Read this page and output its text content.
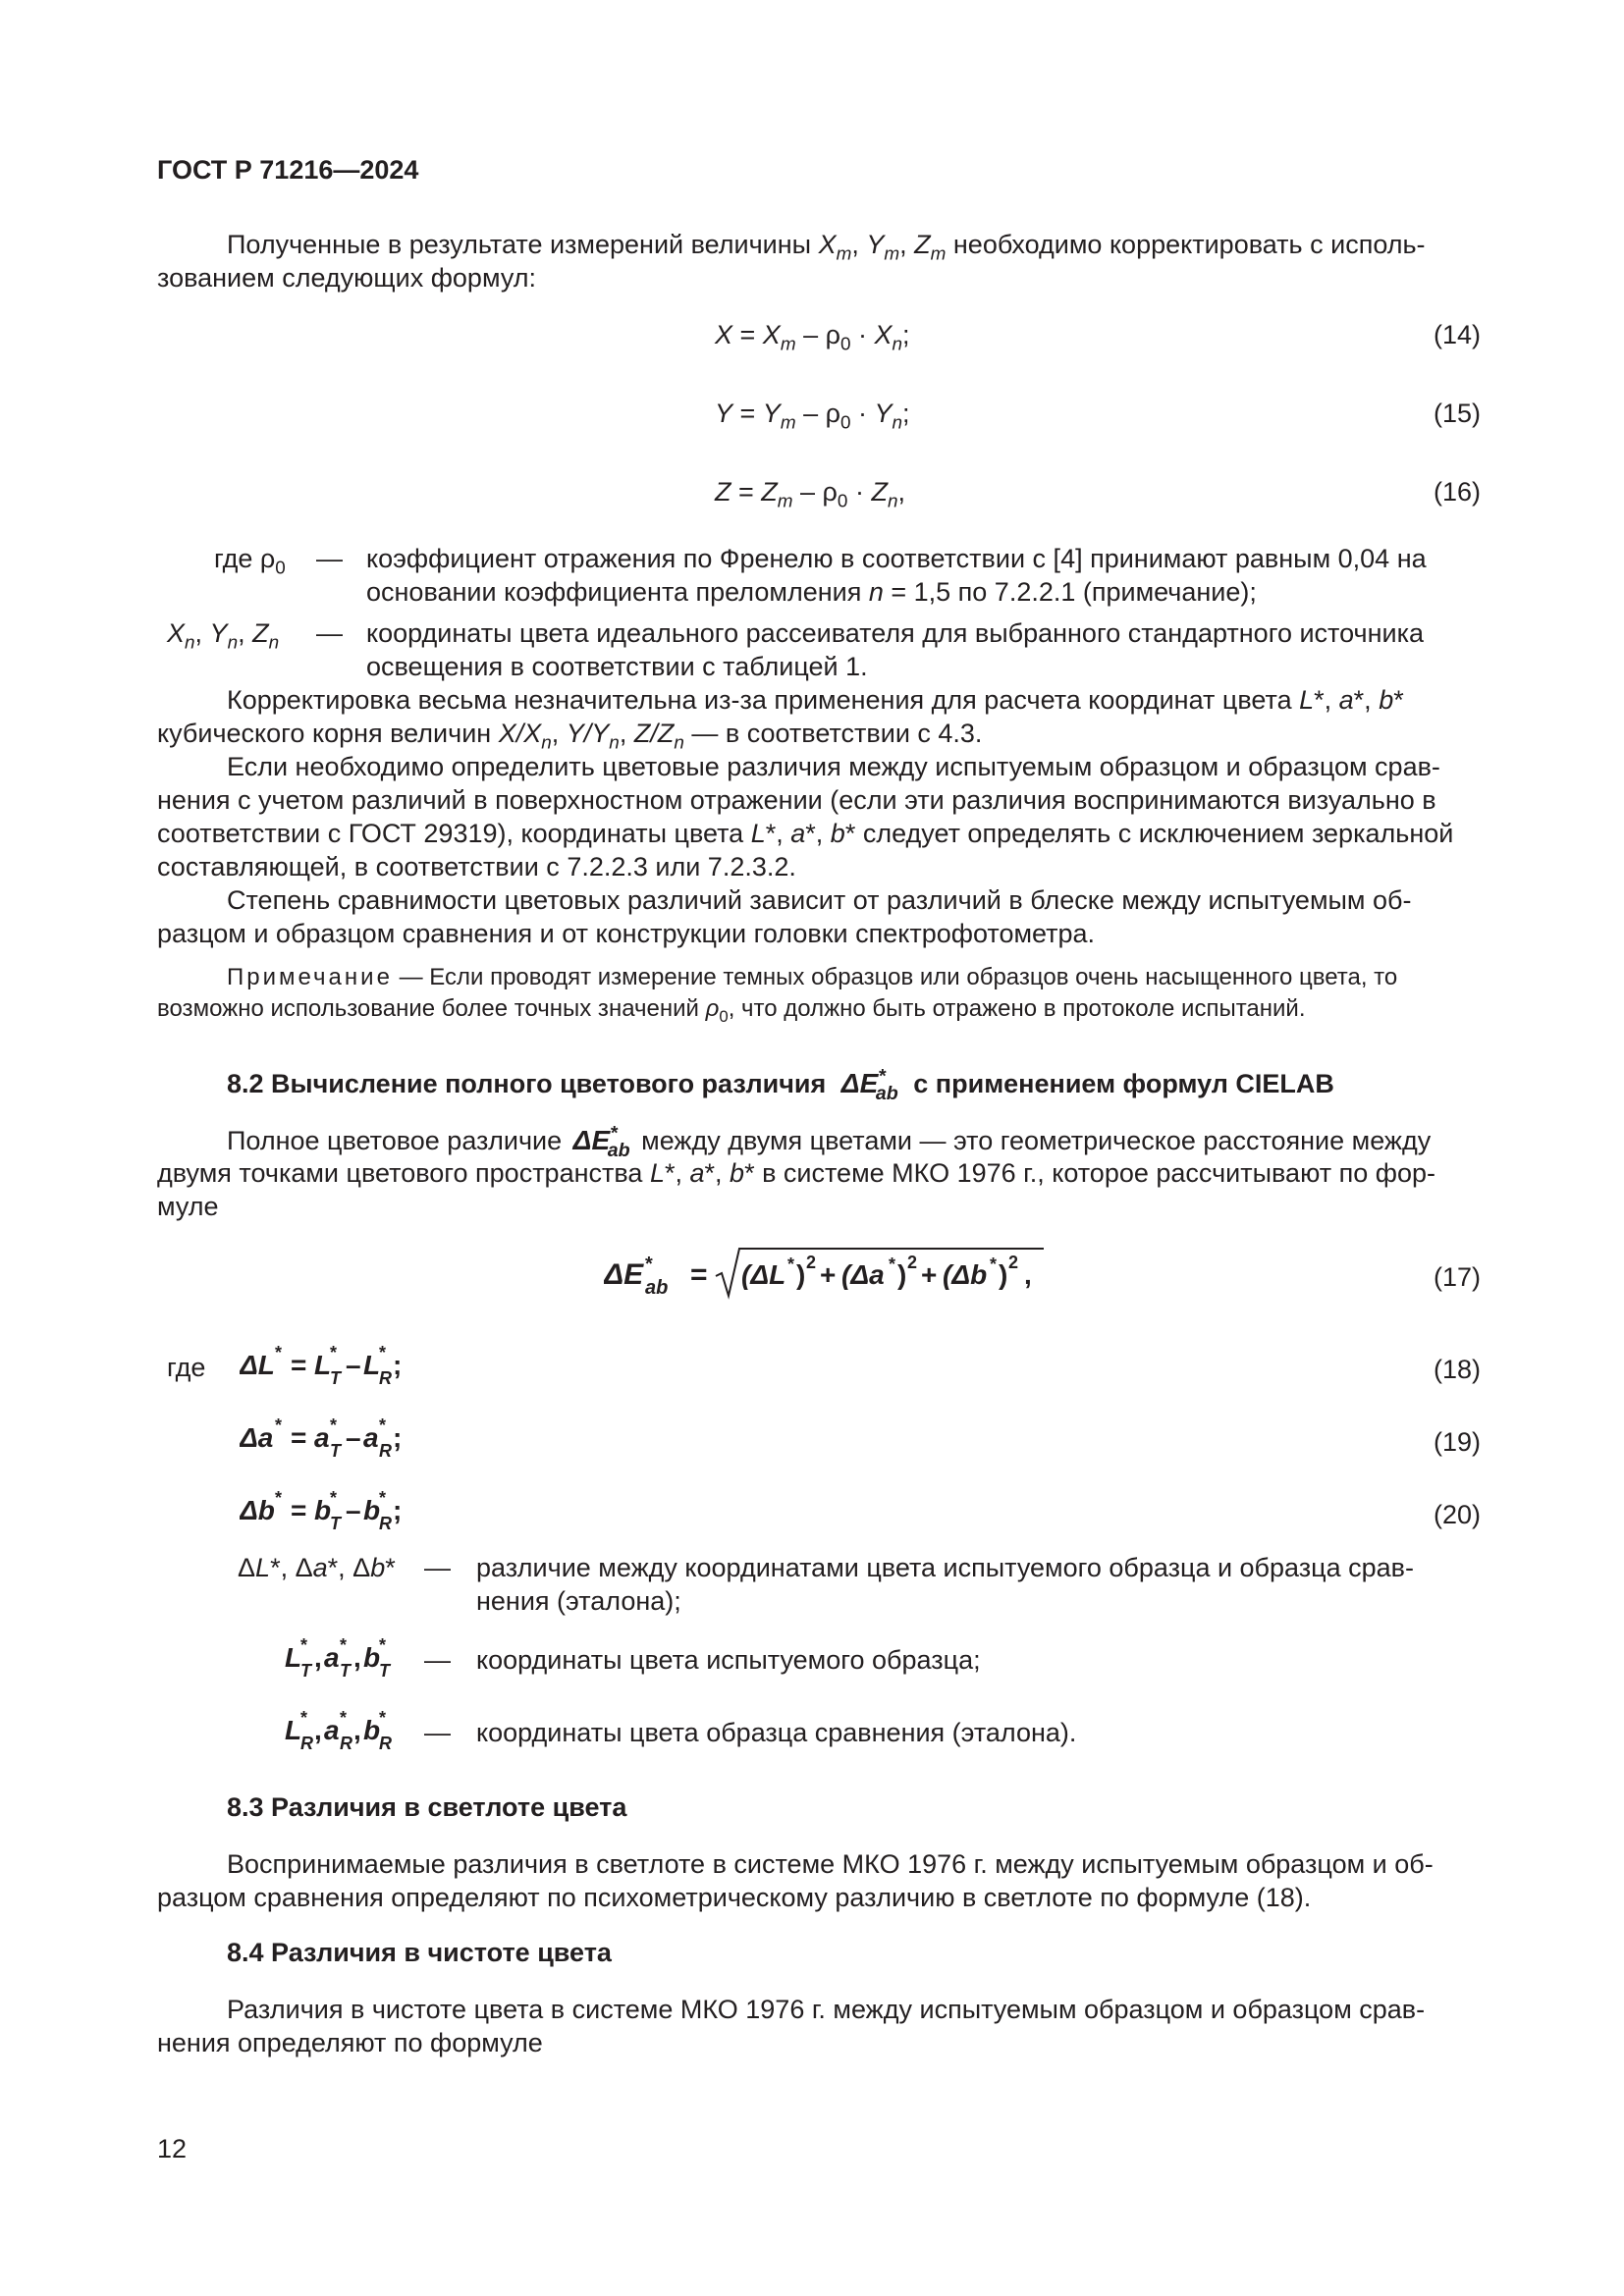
ГОСТ Р 71216—2024
Полученные в результате измерений величины $X_m$, $Y_m$, $Z_m$ необходимо корректировать с исполь-
зованием следующих формул:
$X = X_m - \rho_0 \cdot X_n$;	(14)
$Y = Y_m - \rho_0 \cdot Y_n$;	(15)
$Z = Z_m - \rho_0 \cdot Z_n$,	(16)
где $\rho_0$ — коэффициент отражения по Френелю в соответствии с [4] принимают равным 0,04 на
основании коэффициента преломления n = 1,5 по 7.2.2.1 (примечание);
$X_n$, $Y_n$, $Z_n$ — координаты цвета идеального рассеивателя для выбранного стандартного источника
освещения в соответствии с таблицей 1.
Корректировка весьма незначительна из-за применения для расчета координат цвета L*, a*, b*
кубического корня величин $X/X_n$, $Y/Y_n$, $Z/Z_n$ — в соответствии с 4.3.
Если необходимо определить цветовые различия между испытуемым образцом и образцом срав-
нения с учетом различий в поверхностном отражении (если эти различия воспринимаются визуально в
соответствии с ГОСТ 29319), координаты цвета L*, a*, b* следует определять с исключением зеркальной
составляющей, в соответствии с 7.2.2.3 или 7.2.3.2.
Степень сравнимости цветовых различий зависит от различий в блеске между испытуемым об-
разцом и образцом сравнения и от конструкции головки спектрофотометра.
Примечание — Если проводят измерение темных образцов или образцов очень насыщенного цвета, то
возможно использование более точных значений $\rho_0$, что должно быть отражено в протоколе испытаний.
8.2 Вычисление полного цветового различия $\Delta E^*_{ab}$ с применением формул CIELAB
Полное цветовое различие $\Delta E^*_{ab}$ между двумя цветами — это геометрическое расстояние между
двумя точками цветового пространства L*, a*, b* в системе МКО 1976 г., которое рассчитывают по фор-
муле
ΔE *
ab = (ΔL * ) 2 + (Δa * ) 2 + (Δb * ) 2 ,	(17)
где ΔL * = L
*
T – L
*
R ;	(18)
Δa * = a *
T – a *
R ;	(19)
Δb * = b
*
T – b
*
R ;	(20)
ΔL*, Δa*, Δb* — различие между координатами цвета испытуемого образца и образца срав-
нения (эталона);
L
*
T , a *
T , b
*
T — координаты цвета испытуемого образца;
L
*
R , a *
R , b
*
R — координаты цвета образца сравнения (эталона).
8.3 Различия в светлоте цвета
Воспринимаемые различия в светлоте в системе МКО 1976 г. между испытуемым образцом и об-
разцом сравнения определяют по психометрическому различию в светлоте по формуле (18).
8.4 Различия в чистоте цвета
Различия в чистоте цвета в системе МКО 1976 г. между испытуемым образцом и образцом срав-
нения определяют по формуле
12
